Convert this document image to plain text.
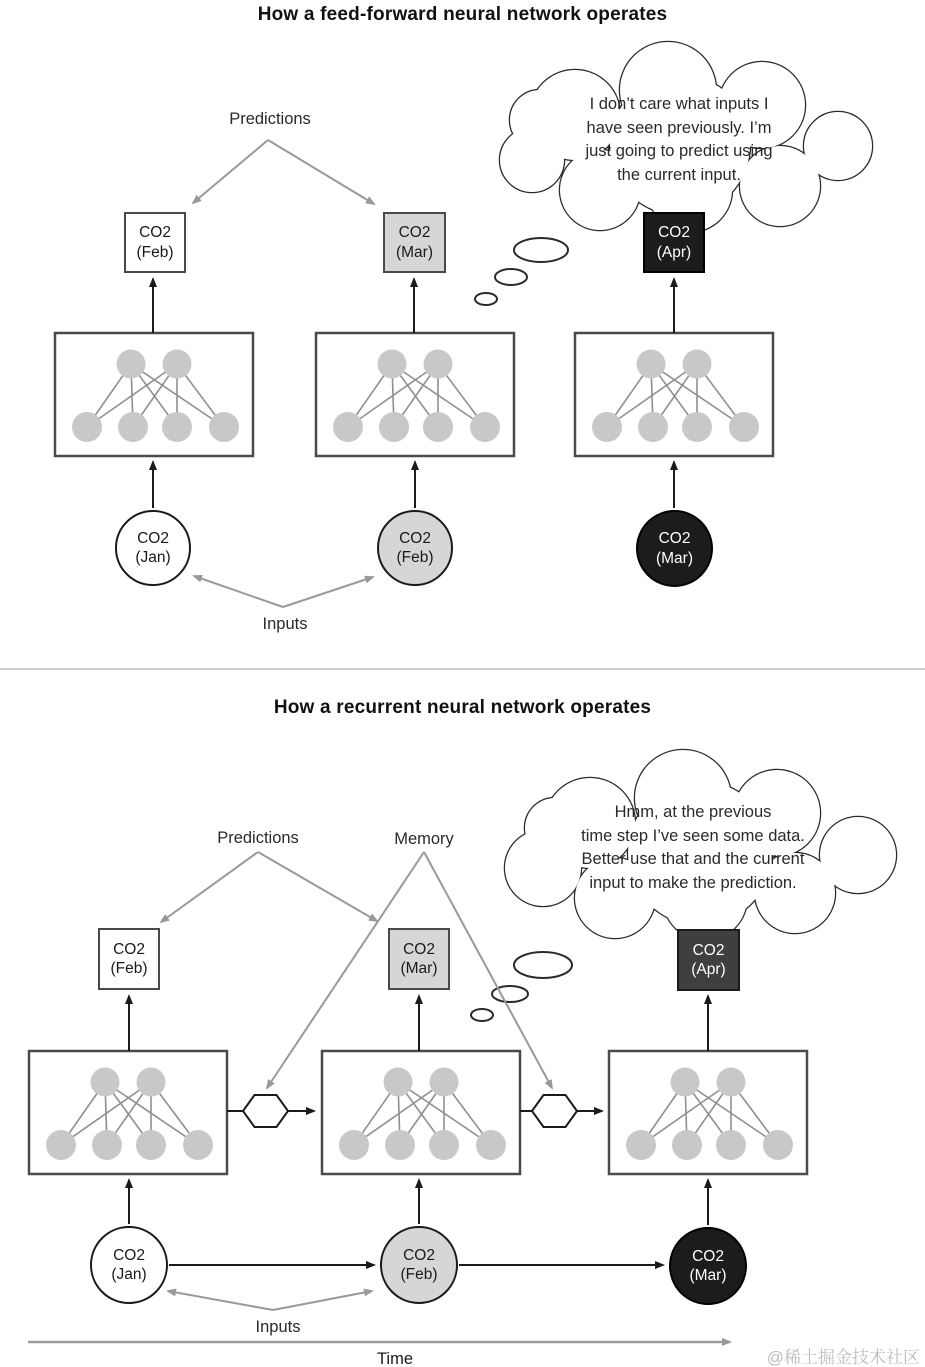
How a feed-forward neural network operates
How a recurrent neural network operates
I don’t care what inputs I
have seen previously. I’m
just going to predict using
the current input.
Hmm, at the previous
time step I’ve seen some data.
Better use that and the current
input to make the prediction.
Predictions
Inputs
Predictions	Memory
Inputs
Time
CO2
(Feb)
CO2
(Mar)
CO2
(Apr)
CO2
(Jan)
CO2
(Feb)
CO2
(Mar)
CO2
(Feb)
CO2
(Mar)
CO2
(Apr)
CO2
(Jan)
CO2
(Feb)
CO2
(Mar)
@稀土掘金技术社区
